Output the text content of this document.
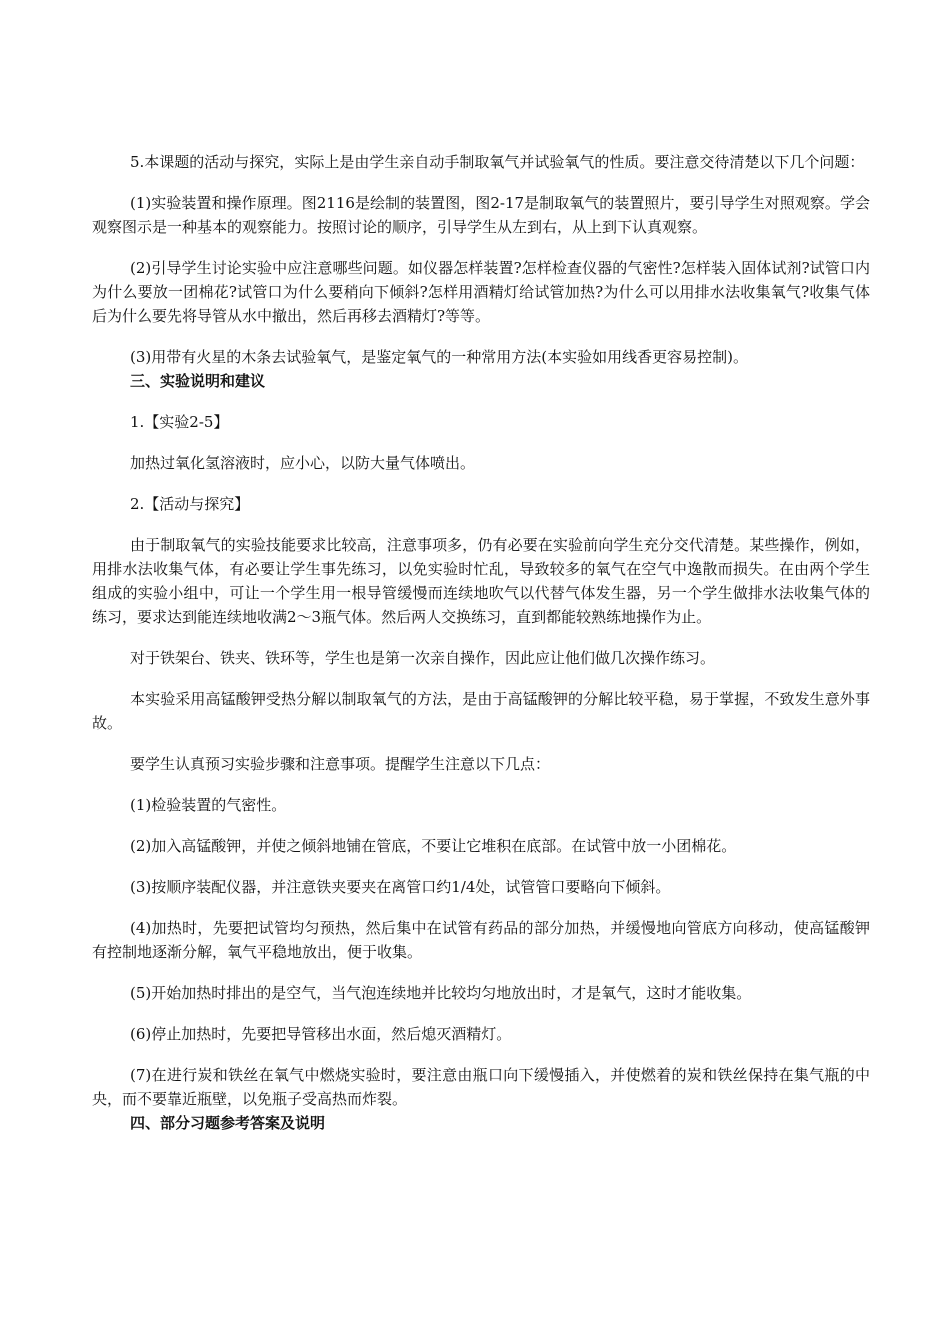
5.本课题的活动与探究，实际上是由学生亲自动手制取氧气并试验氧气的性质。要注意交待清楚以下几个问题：

(1)实验装置和操作原理。图2116是绘制的装置图，图2-17是制取氧气的装置照片，要引导学生对照观察。学会观察图示是一种基本的观察能力。按照讨论的顺序，引导学生从左到右，从上到下认真观察。

(2)引导学生讨论实验中应注意哪些问题。如仪器怎样装置?怎样检查仪器的气密性?怎样装入固体试剂?试管口内为什么要放一团棉花?试管口为什么要稍向下倾斜?怎样用酒精灯给试管加热?为什么可以用排水法收集氧气?收集气体后为什么要先将导管从水中撤出，然后再移去酒精灯?等等。

(3)用带有火星的木条去试验氧气，是鉴定氧气的一种常用方法(本实验如用线香更容易控制)。

三、实验说明和建议

1.【实验2-5】

加热过氧化氢溶液时，应小心，以防大量气体喷出。

2.【活动与探究】

由于制取氧气的实验技能要求比较高，注意事项多，仍有必要在实验前向学生充分交代清楚。某些操作，例如，用排水法收集气体，有必要让学生事先练习，以免实验时忙乱，导致较多的氧气在空气中逸散而损失。在由两个学生组成的实验小组中，可让一个学生用一根导管缓慢而连续地吹气以代替气体发生器，另一个学生做排水法收集气体的练习，要求达到能连续地收满2～3瓶气体。然后两人交换练习，直到都能较熟练地操作为止。

对于铁架台、铁夹、铁环等，学生也是第一次亲自操作，因此应让他们做几次操作练习。

本实验采用高锰酸钾受热分解以制取氧气的方法，是由于高锰酸钾的分解比较平稳，易于掌握，不致发生意外事故。

要学生认真预习实验步骤和注意事项。提醒学生注意以下几点：

(1)检验装置的气密性。

(2)加入高锰酸钾，并使之倾斜地铺在管底，不要让它堆积在底部。在试管中放一小团棉花。

(3)按顺序装配仪器，并注意铁夹要夹在离管口约1/4处，试管管口要略向下倾斜。

(4)加热时，先要把试管均匀预热，然后集中在试管有药品的部分加热，并缓慢地向管底方向移动，使高锰酸钾有控制地逐渐分解，氧气平稳地放出，便于收集。

(5)开始加热时排出的是空气，当气泡连续地并比较均匀地放出时，才是氧气，这时才能收集。

(6)停止加热时，先要把导管移出水面，然后熄灭酒精灯。

(7)在进行炭和铁丝在氧气中燃烧实验时，要注意由瓶口向下缓慢插入，并使燃着的炭和铁丝保持在集气瓶的中央，而不要靠近瓶壁，以免瓶子受高热而炸裂。

四、部分习题参考答案及说明
